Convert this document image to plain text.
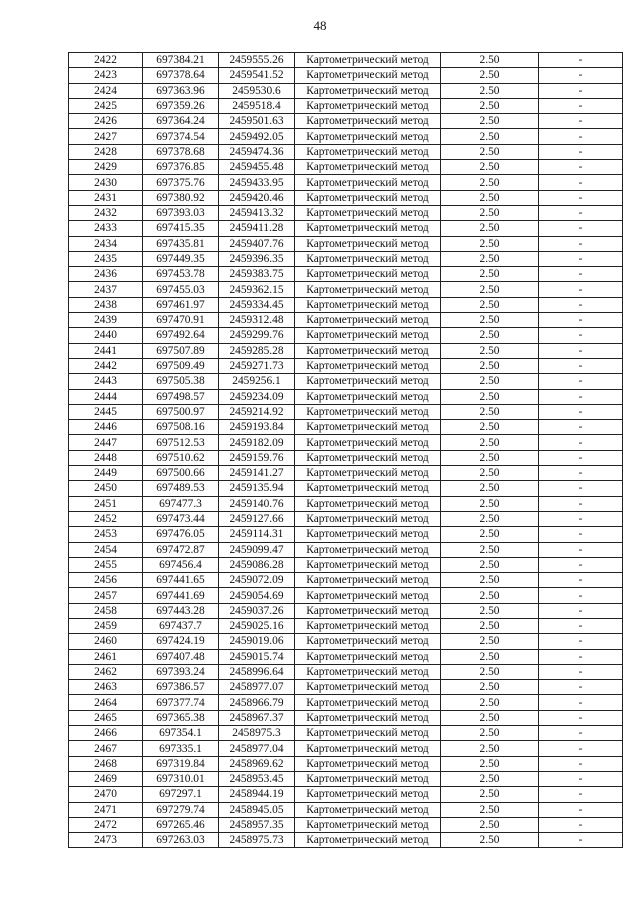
48
2422	697384.21	2459555.26	Картометрический метод	2.50	-
2423	697378.64	2459541.52	Картометрический метод	2.50	-
2424	697363.96	2459530.6	Картометрический метод	2.50	-
2425	697359.26	2459518.4	Картометрический метод	2.50	-
2426	697364.24	2459501.63	Картометрический метод	2.50	-
2427	697374.54	2459492.05	Картометрический метод	2.50	-
2428	697378.68	2459474.36	Картометрический метод	2.50	-
2429	697376.85	2459455.48	Картометрический метод	2.50	-
2430	697375.76	2459433.95	Картометрический метод	2.50	-
2431	697380.92	2459420.46	Картометрический метод	2.50	-
2432	697393.03	2459413.32	Картометрический метод	2.50	-
2433	697415.35	2459411.28	Картометрический метод	2.50	-
2434	697435.81	2459407.76	Картометрический метод	2.50	-
2435	697449.35	2459396.35	Картометрический метод	2.50	-
2436	697453.78	2459383.75	Картометрический метод	2.50	-
2437	697455.03	2459362.15	Картометрический метод	2.50	-
2438	697461.97	2459334.45	Картометрический метод	2.50	-
2439	697470.91	2459312.48	Картометрический метод	2.50	-
2440	697492.64	2459299.76	Картометрический метод	2.50	-
2441	697507.89	2459285.28	Картометрический метод	2.50	-
2442	697509.49	2459271.73	Картометрический метод	2.50	-
2443	697505.38	2459256.1	Картометрический метод	2.50	-
2444	697498.57	2459234.09	Картометрический метод	2.50	-
2445	697500.97	2459214.92	Картометрический метод	2.50	-
2446	697508.16	2459193.84	Картометрический метод	2.50	-
2447	697512.53	2459182.09	Картометрический метод	2.50	-
2448	697510.62	2459159.76	Картометрический метод	2.50	-
2449	697500.66	2459141.27	Картометрический метод	2.50	-
2450	697489.53	2459135.94	Картометрический метод	2.50	-
2451	697477.3	2459140.76	Картометрический метод	2.50	-
2452	697473.44	2459127.66	Картометрический метод	2.50	-
2453	697476.05	2459114.31	Картометрический метод	2.50	-
2454	697472.87	2459099.47	Картометрический метод	2.50	-
2455	697456.4	2459086.28	Картометрический метод	2.50	-
2456	697441.65	2459072.09	Картометрический метод	2.50	-
2457	697441.69	2459054.69	Картометрический метод	2.50	-
2458	697443.28	2459037.26	Картометрический метод	2.50	-
2459	697437.7	2459025.16	Картометрический метод	2.50	-
2460	697424.19	2459019.06	Картометрический метод	2.50	-
2461	697407.48	2459015.74	Картометрический метод	2.50	-
2462	697393.24	2458996.64	Картометрический метод	2.50	-
2463	697386.57	2458977.07	Картометрический метод	2.50	-
2464	697377.74	2458966.79	Картометрический метод	2.50	-
2465	697365.38	2458967.37	Картометрический метод	2.50	-
2466	697354.1	2458975.3	Картометрический метод	2.50	-
2467	697335.1	2458977.04	Картометрический метод	2.50	-
2468	697319.84	2458969.62	Картометрический метод	2.50	-
2469	697310.01	2458953.45	Картометрический метод	2.50	-
2470	697297.1	2458944.19	Картометрический метод	2.50	-
2471	697279.74	2458945.05	Картометрический метод	2.50	-
2472	697265.46	2458957.35	Картометрический метод	2.50	-
2473	697263.03	2458975.73	Картометрический метод	2.50	-
